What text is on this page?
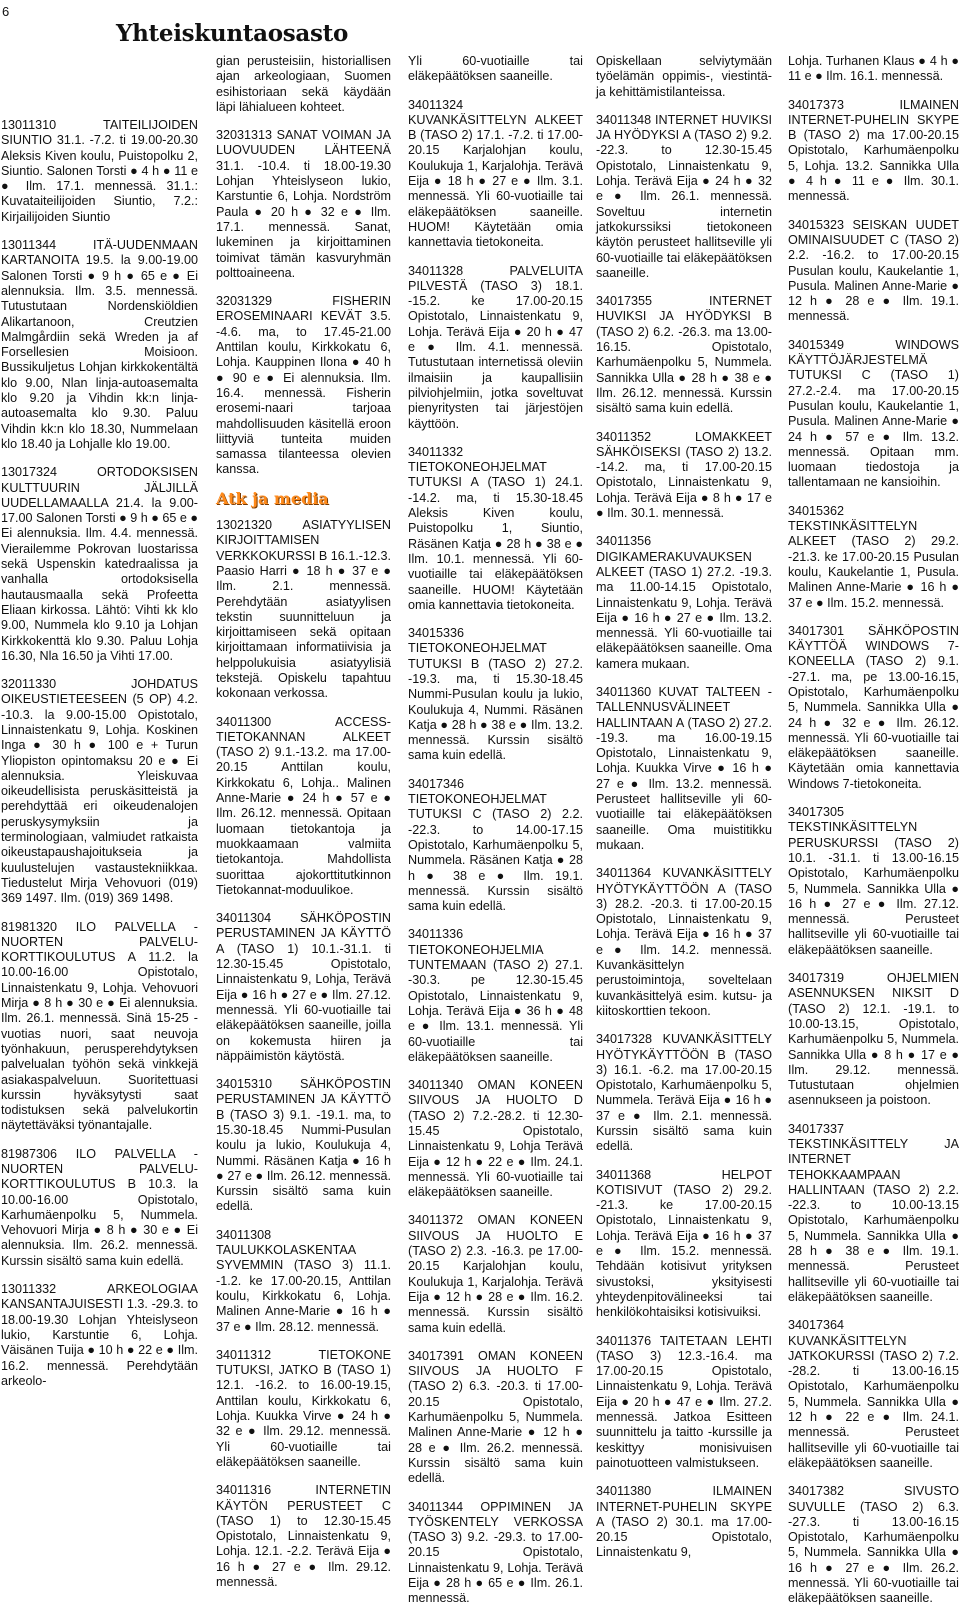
6
Yhteiskuntaosasto

13011310 TAITEILIJOIDEN SIUNTIO 31.1. -7.2. ti 19.00-20.30 Aleksis Kiven koulu, Puistopolku 2, Siuntio. Salonen Torsti ● 4 h ● 11 e ● Ilm. 17.1. mennessä. 31.1.: Kuvataiteilijoiden Siuntio, 7.2.: Kirjailijoiden Siuntio

13011344 ITÄ-UUDENMAAN KARTANOITA 19.5. la 9.00-19.00 Salonen Torsti ● 9 h ● 65 e ● Ei alennuksia. Ilm. 3.5. mennessä. Tutustutaan Nordenskiöldien Alikartanoon, Creutzien Malmgårdiin sekä Wreden ja af Forsellesien Moisioon. Bussikuljetus Lohjan kirkkokentältä klo 9.00, Nlan linja-autoasemalta klo 9.20 ja Vihdin kk:n linja-autoasemalta klo 9.30. Paluu Vihdin kk:n klo 18.30, Nummelaan klo 18.40 ja Lohjalle klo 19.00.

13017324 ORTODOKSISEN KULTTUURIN JÄLJILLÄ UUDELLAMAALLA 21.4. la 9.00-17.00 Salonen Torsti ● 9 h ● 65 e ● Ei alennuksia. Ilm. 4.4. mennessä. Vierailemme Pokrovan luostarissa sekä Uspenskin katedraalissa ja vanhalla ortodoksisella hautausmaalla sekä Profeetta Eliaan kirkossa. Lähtö: Vihti kk klo 9.00, Nummela klo 9.10 ja Lohjan Kirkkokenttä klo 9.30. Paluu Lohja 16.30, Nla 16.50 ja Vihti 17.00.

32011330 JOHDATUS OIKEUSTIETEESEEN (5 OP) 4.2. -10.3. la 9.00-15.00 Opistotalo, Linnaistenkatu 9, Lohja. Koskinen Inga ● 30 h ● 100 e + Turun Yliopiston opintomaksu 20 e ● Ei alennuksia. Yleiskuvaa oikeudellisista peruskäsitteistä ja perehdyttää eri oikeudenalojen peruskysymyksiin ja terminologiaan, valmiudet ratkaista oikeustapaushajoitukseia ja kuulustelujen vastaustekniikkaa. Tiedustelut Mirja Vehovuori (019) 369 1497. Ilm. (019) 369 1498.

81981320 ILO PALVELLA - NUORTEN PALVELU-KORTTIKOULUTUS A 11.2. la 10.00-16.00 Opistotalo, Linnaistenkatu 9, Lohja. Vehovuori Mirja ● 8 h ● 30 e ● Ei alennuksia. Ilm. 26.1. mennessä. Sinä 15-25 -vuotias nuori, saat neuvoja työnhakuun, perusperehdytyksen palvelualan työhön sekä vinkkejä asiakaspalveluun. Suoritettuasi kurssin hyväksytysti saat todistuksen sekä palvelukortin näytettäväksi työnantajalle.

81987306 ILO PALVELLA - NUORTEN PALVELU-KORTTIKOULUTUS B 10.3. la 10.00-16.00 Opistotalo, Karhumäenpolku 5, Nummela. Vehovuori Mirja ● 8 h ● 30 e ● Ei alennuksia. Ilm. 26.2. mennessä. Kurssin sisältö sama kuin edellä.

13011332 ARKEOLOGIAA KANSANTAJUISESTI 1.3. -29.3. to 18.00-19.30 Lohjan Yhteislyseon lukio, Karstuntie 6, Lohja. Väisänen Tuija ● 10 h ● 22 e ● Ilm. 16.2. mennessä. Perehdytään arkeolo-

gian perusteisiin, historiallisen ajan arkeologiaan, Suomen esihistoriaan sekä käydään läpi lähialueen kohteet.

32031313 SANAT VOIMAN JA LUOVUUDEN LÄHTEENÄ 31.1. -10.4. ti 18.00-19.30 Lohjan Yhteislyseon lukio, Karstuntie 6, Lohja. Nordström Paula ● 20 h ● 32 e ● Ilm. 17.1. mennessä. Sanat, lukeminen ja kirjoittaminen toimivat tämän kasvuryhmän polttoaineena.

32031329 FISHERIN EROSEMINAARI KEVÄT 3.5. -4.6. ma, to 17.45-21.00 Anttilan koulu, Kirkkokatu 6, Lohja. Kauppinen Ilona ● 40 h ● 90 e ● Ei alennuksia. Ilm. 16.4. mennessä. Fisherin erosemi-naari tarjoaa mahdollisuuden käsitellä eroon liittyviä tunteita muiden samassa tilanteessa olevien kanssa.

Atk ja media

13021320 ASIATYYLISEN KIRJOITTAMISEN VERKKOKURSSI B 16.1.-12.3. Paasio Harri ● 18 h ● 37 e ● Ilm. 2.1. mennessä. Perehdytään asiatyylisen tekstin suunnitteluun ja kirjoittamiseen sekä opitaan kirjoittamaan informatiivisia ja helppolukuisia asiatyylisiä tekstejä. Opiskelu tapahtuu kokonaan verkossa.

34011300 ACCESS-TIETOKANNAN ALKEET (TASO 2) 9.1.-13.2. ma 17.00-20.15 Anttilan koulu, Kirkkokatu 6, Lohja.. Malinen Anne-Marie ● 24 h ● 57 e ● Ilm. 26.12. mennessä. Opitaan luomaan tietokantoja ja muokkaamaan valmiita tietokantoja. Mahdollista suorittaa ajokorttitutkinnon Tietokannat-moduulikoe.

34011304 SÄHKÖPOSTIN PERUSTAMINEN JA KÄYTTÖ A (TASO 1) 10.1.-31.1. ti 12.30-15.45 Opistotalo, Linnaistenkatu 9, Lohja, Terävä Eija ● 16 h ● 27 e ● Ilm. 27.12. mennessä. Yli 60-vuotiaille tai eläkepäätöksen saaneille, joilla on kokemusta hiiren ja näppäimistön käytöstä.

34015310 SÄHKÖPOSTIN PERUSTAMINEN JA KÄYTTÖ B (TASO 3) 9.1. -19.1. ma, to 15.30-18.45 Nummi-Pusulan koulu ja lukio, Koulukuja 4, Nummi. Räsänen Katja ● 16 h ● 27 e ● Ilm. 26.12. mennessä. Kurssin sisältö sama kuin edellä.

34011308 TAULUKKOLASKENTAA SYVEMMIN (TASO 3) 11.1. -1.2. ke 17.00-20.15, Anttilan koulu, Kirkkokatu 6, Lohja. Malinen Anne-Marie ● 16 h ● 37 e ● Ilm. 28.12. mennessä.

34011312 TIETOKONE TUTUKSI, JATKO B (TASO 1) 12.1. -16.2. to 16.00-19.15, Anttilan koulu, Kirkkokatu 6, Lohja. Kuukka Virve ● 24 h ● 32 e ● Ilm. 29.12. mennessä. Yli 60-vuotiaille tai eläkepäätöksen saaneille.

34011316 INTERNETIN KÄYTÖN PERUSTEET C (TASO 1) to 12.30-15.45 Opistotalo, Linnaistenkatu 9, Lohja. 12.1. -2.2. Terävä Eija ● 16 h ● 27 e ● Ilm. 29.12. mennessä.

Yli 60-vuotiaille tai eläkepäätöksen saaneille.

34011324 KUVANKÄSITTELYN ALKEET B (TASO 2) 17.1. -7.2. ti 17.00-20.15 Karjalohjan koulu, Koulukuja 1, Karjalohja. Terävä Eija ● 18 h ● 27 e ● Ilm. 3.1. mennessä. Yli 60-vuotiaille tai eläkepäätöksen saaneille. HUOM! Käytetään omia kannettavia tietokoneita.

34011328 PALVELUITA PILVESTÄ (TASO 3) 18.1. -15.2. ke 17.00-20.15 Opistotalo, Linnaistenkatu 9, Lohja. Terävä Eija ● 20 h ● 47 e ● Ilm. 4.1. mennessä. Tutustutaan internetissä oleviin ilmaisiin ja kaupallisiin pilviohjelmiin, jotka soveltuvat pienyritysten tai järjestöjen käyttöön.

34011332 TIETOKONEOHJELMAT TUTUKSI A (TASO 1) 24.1. -14.2. ma, ti 15.30-18.45 Aleksis Kiven koulu, Puistopolku 1, Siuntio, Räsänen Katja ● 28 h ● 38 e ● Ilm. 10.1. mennessä. Yli 60-vuotiaille tai eläkepäätöksen saaneille. HUOM! Käytetään omia kannettavia tietokoneita.

34015336 TIETOKONEOHJELMAT TUTUKSI B (TASO 2) 27.2. -19.3. ma, ti 15.30-18.45 Nummi-Pusulan koulu ja lukio, Koulukuja 4, Nummi. Räsänen Katja ● 28 h ● 38 e ● Ilm. 13.2. mennessä. Kurssin sisältö sama kuin edellä.

34017346 TIETOKONEOHJELMAT TUTUKSI C (TASO 2) 2.2. -22.3. to 14.00-17.15 Opistotalo, Karhumäenpolku 5, Nummela. Räsänen Katja ● 28 h ● 38 e ● Ilm. 19.1. mennessä. Kurssin sisältö sama kuin edellä.

34011336 TIETOKONEOHJELMIA TUNTEMAAN (TASO 2) 27.1. -30.3. pe 12.30-15.45 Opistotalo, Linnaistenkatu 9, Lohja. Terävä Eija ● 36 h ● 48 e ● Ilm. 13.1. mennessä. Yli 60-vuotiaille tai eläkepäätöksen saaneille.

34011340 OMAN KONEEN SIIVOUS JA HUOLTO D (TASO 2) 7.2.-28.2. ti 12.30-15.45 Opistotalo, Linnaistenkatu 9, Lohja Terävä Eija ● 12 h ● 22 e ● Ilm. 24.1. mennessä. Yli 60-vuotiaille tai eläkepäätöksen saaneille.

34011372 OMAN KONEEN SIIVOUS JA HUOLTO E (TASO 2) 2.3. -16.3. pe 17.00-20.15 Karjalohjan koulu, Koulukuja 1, Karjalohja. Terävä Eija ● 12 h ● 28 e ● Ilm. 16.2. mennessä. Kurssin sisältö sama kuin edellä.

34017391 OMAN KONEEN SIIVOUS JA HUOLTO F (TASO 2) 6.3. -20.3. ti 17.00-20.15 Opistotalo, Karhumäenpolku 5, Nummela. Malinen Anne-Marie ● 12 h ● 28 e ● Ilm. 26.2. mennessä. Kurssin sisältö sama kuin edellä.

34011344 OPPIMINEN JA TYÖSKENTELY VERKOSSA (TASO 3) 9.2. -29.3. to 17.00-20.15 Opistotalo, Linnaistenkatu 9, Lohja. Terävä Eija ● 28 h ● 65 e ● Ilm. 26.1. mennessä.

Opiskellaan selviytymään työelämän oppimis-, viestintä- ja kehittämistilanteissa.

34011348 INTERNET HUVIKSI JA HYÖDYKSI A (TASO 2) 9.2. -22.3. to 12.30-15.45 Opistotalo, Linnaistenkatu 9, Lohja. Terävä Eija ● 24 h ● 32 e ● Ilm. 26.1. mennessä. Soveltuu internetin jatkokurssiksi tietokoneen käytön perusteet hallitseville yli 60-vuotiaille tai eläkepäätöksen saaneille.

34017355 INTERNET HUVIKSI JA HYÖDYKSI B (TASO 2) 6.2. -26.3. ma 13.00-16.15. Opistotalo, Karhumäenpolku 5, Nummela. Sannikka Ulla ● 28 h ● 38 e ● Ilm. 26.12. mennessä. Kurssin sisältö sama kuin edellä.

34011352 LOMAKKEET SÄHKÖISEKSI (TASO 2) 13.2. -14.2. ma, ti 17.00-20.15 Opistotalo, Linnaistenkatu 9, Lohja. Terävä Eija ● 8 h ● 17 e ● Ilm. 30.1. mennessä.

34011356 DIGIKAMERAKUVAUKSEN ALKEET (TASO 1) 27.2. -19.3. ma 11.00-14.15 Opistotalo, Linnaistenkatu 9, Lohja. Terävä Eija ● 16 h ● 27 e ● Ilm. 13.2. mennessä. Yli 60-vuotiaille tai eläkepäätöksen saaneille. Oma kamera mukaan.

34011360 KUVAT TALTEEN - TALLENNUSVÄLINEET HALLINTAAN A (TASO 2) 27.2. -19.3. ma 16.00-19.15 Opistotalo, Linnaistenkatu 9, Lohja. Kuukka Virve ● 16 h ● 27 e ● Ilm. 13.2. mennessä. Perusteet hallitseville yli 60-vuotiaille tai eläkepäätöksen saaneille. Oma muistitikku mukaan.

34011364 KUVANKÄSITTELY HYÖTYKÄYTTÖÖN A (TASO 3) 28.2. -20.3. ti 17.00-20.15 Opistotalo, Linnaistenkatu 9, Lohja. Terävä Eija ● 16 h ● 37 e ● Ilm. 14.2. mennessä. Kuvankäsittelyn perustoimintoja, soveltelaan kuvankäsittelyä esim. kutsu- ja kiitoskorttien tekoon.

34017328 KUVANKÄSITTELY HYÖTYKÄYTTÖÖN B (TASO 3) 16.1. -6.2. ma 17.00-20.15 Opistotalo, Karhumäenpolku 5, Nummela. Terävä Eija ● 16 h ● 37 e ● Ilm. 2.1. mennessä. Kurssin sisältö sama kuin edellä.

34011368 HELPOT KOTISIVUT (TASO 2) 29.2. -21.3. ke 17.00-20.15 Opistotalo, Linnaistenkatu 9, Lohja. Terävä Eija ● 16 h ● 37 e ● Ilm. 15.2. mennessä. Tehdään kotisivut yrityksen sivustoksi, yksityisesti yhteydenpitovälineeksi tai henkilökohtaisiksi kotisivuiksi.

34011376 TAITETAAN LEHTI (TASO 3) 12.3.-16.4. ma 17.00-20.15 Opistotalo, Linnaistenkatu 9, Lohja. Terävä Eija ● 20 h ● 47 e ● Ilm. 27.2. mennessä. Jatkoa Esitteen suunnittelu ja taitto -kurssille ja keskittyy monisivuisen painotuotteen valmistukseen.

34011380 ILMAINEN INTERNET-PUHELIN SKYPE A (TASO 2) 30.1. ma 17.00-20.15 Opistotalo, Linnaistenkatu 9,

Lohja. Turhanen Klaus ● 4 h ● 11 e ● Ilm. 16.1. mennessä.

34017373 ILMAINEN INTERNET-PUHELIN SKYPE B (TASO 2) ma 17.00-20.15 Opistotalo, Karhumäenpolku 5, Lohja. 13.2. Sannikka Ulla ● 4 h ● 11 e ● Ilm. 30.1. mennessä.

34015323 SEISKAN UUDET OMINAISUUDET C (TASO 2) 2.2. -16.2. to 17.00-20.15 Pusulan koulu, Kaukelantie 1, Pusula. Malinen Anne-Marie ● 12 h ● 28 e ● Ilm. 19.1. mennessä.

34015349 WINDOWS KÄYTTÖJÄRJESTELMÄ TUTUKSI C (TASO 1) 27.2.-2.4. ma 17.00-20.15 Pusulan koulu, Kaukelantie 1, Pusula. Malinen Anne-Marie ● 24 h ● 57 e ● Ilm. 13.2. mennessä. Opitaan mm. luomaan tiedostoja ja tallentamaan ne kansioihin.

34015362 TEKSTINKÄSITTELYN ALKEET (TASO 2) 29.2. -21.3. ke 17.00-20.15 Pusulan koulu, Kaukelantie 1, Pusula. Malinen Anne-Marie ● 16 h ● 37 e ● Ilm. 15.2. mennessä.

34017301 SÄHKÖPOSTIN KÄYTTÖÄ WINDOWS 7-KONEELLA (TASO 2) 9.1. -27.1. ma, pe 13.00-16.15, Opistotalo, Karhumäenpolku 5, Nummela. Sannikka Ulla ● 24 h ● 32 e ● Ilm. 26.12. mennessä. Yli 60-vuotiaille tai eläkepäätöksen saaneille. Käytetään omia kannettavia Windows 7-tietokoneita.

34017305 TEKSTINKÄSITTELYN PERUSKURSSI (TASO 2) 10.1. -31.1. ti 13.00-16.15 Opistotalo, Karhumäenpolku 5, Nummela. Sannikka Ulla ● 16 h ● 27 e ● Ilm. 27.12. mennessä. Perusteet hallitseville yli 60-vuotiaille tai eläkepäätöksen saaneille.

34017319 OHJELMIEN ASENNUKSEN NIKSIT D (TASO 2) 12.1. -19.1. to 10.00-13.15, Opistotalo, Karhumäenpolku 5, Nummela. Sannikka Ulla ● 8 h ● 17 e ● Ilm. 29.12. mennessä. Tutustutaan ohjelmien asennukseen ja poistoon.

34017337 TEKSTINKÄSITTELY JA INTERNET TEHOKKAAMPAAN HALLINTAAN (TASO 2) 2.2. -22.3. to 10.00-13.15 Opistotalo, Karhumäenpolku 5, Nummela. Sannikka Ulla ● 28 h ● 38 e ● Ilm. 19.1. mennessä. Perusteet hallitseville yli 60-vuotiaille tai eläkepäätöksen saaneille.

34017364 KUVANKÄSITTELYN JATKOKURSSI (TASO 2) 7.2. -28.2. ti 13.00-16.15 Opistotalo, Karhumäenpolku 5, Nummela. Sannikka Ulla ● 12 h ● 22 e ● Ilm. 24.1. mennessä. Perusteet hallitseville yli 60-vuotiaille tai eläkepäätöksen saaneille.

34017382 SIVUSTO SUVULLE (TASO 2) 6.3. -27.3. ti 13.00-16.15 Opistotalo, Karhumäenpolku 5, Nummela. Sannikka Ulla ● 16 h ● 27 e ● Ilm. 26.2. mennessä. Yli 60-vuotiaille tai eläkepäätöksen saaneille.
